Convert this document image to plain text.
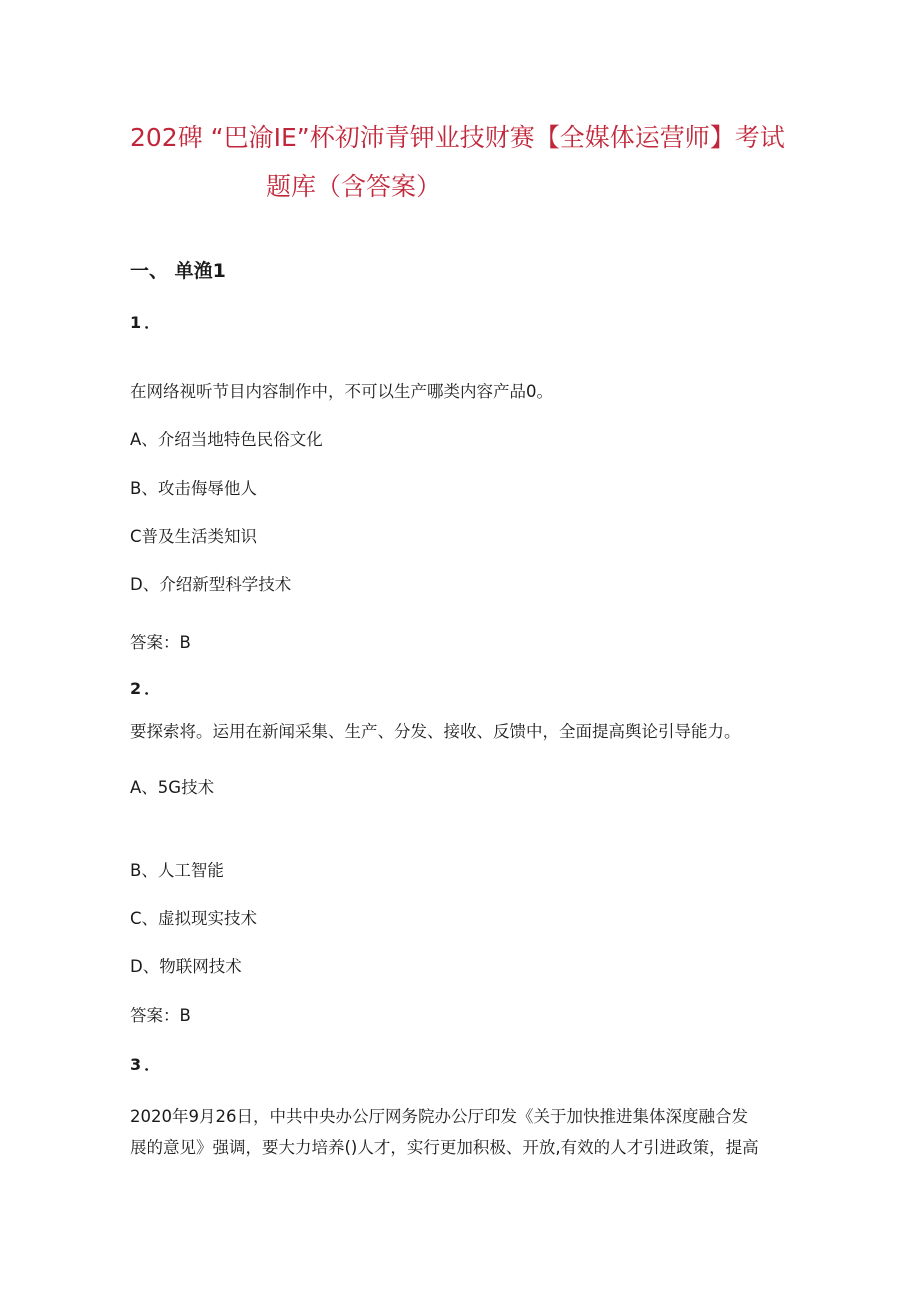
202碑 “巴渝IE”杯初沛青钾业技财赛【全媒体运营师】考试
题库（含答案）
一、 单渔1
1．
在网络视听节目内容制作中，不可以生产哪类内容产品0。
A、介绍当地特色民俗文化
B、攻击侮辱他人
C普及生活类知识
D、介绍新型科学技术
答案：B
2．
要探索将。运用在新闻采集、生产、分发、接收、反馈中，全面提高舆论引导能力。
A、5G技术
B、人工智能
C、虚拟现实技术
D、物联网技术
答案：B
3．
2020年9月26日，中共中央办公厅网务院办公厅印发《关于加快推进集体深度融合发
展的意见》强调，要大力培养()人才，实行更加积极、开放,有效的人才引进政策，提高
